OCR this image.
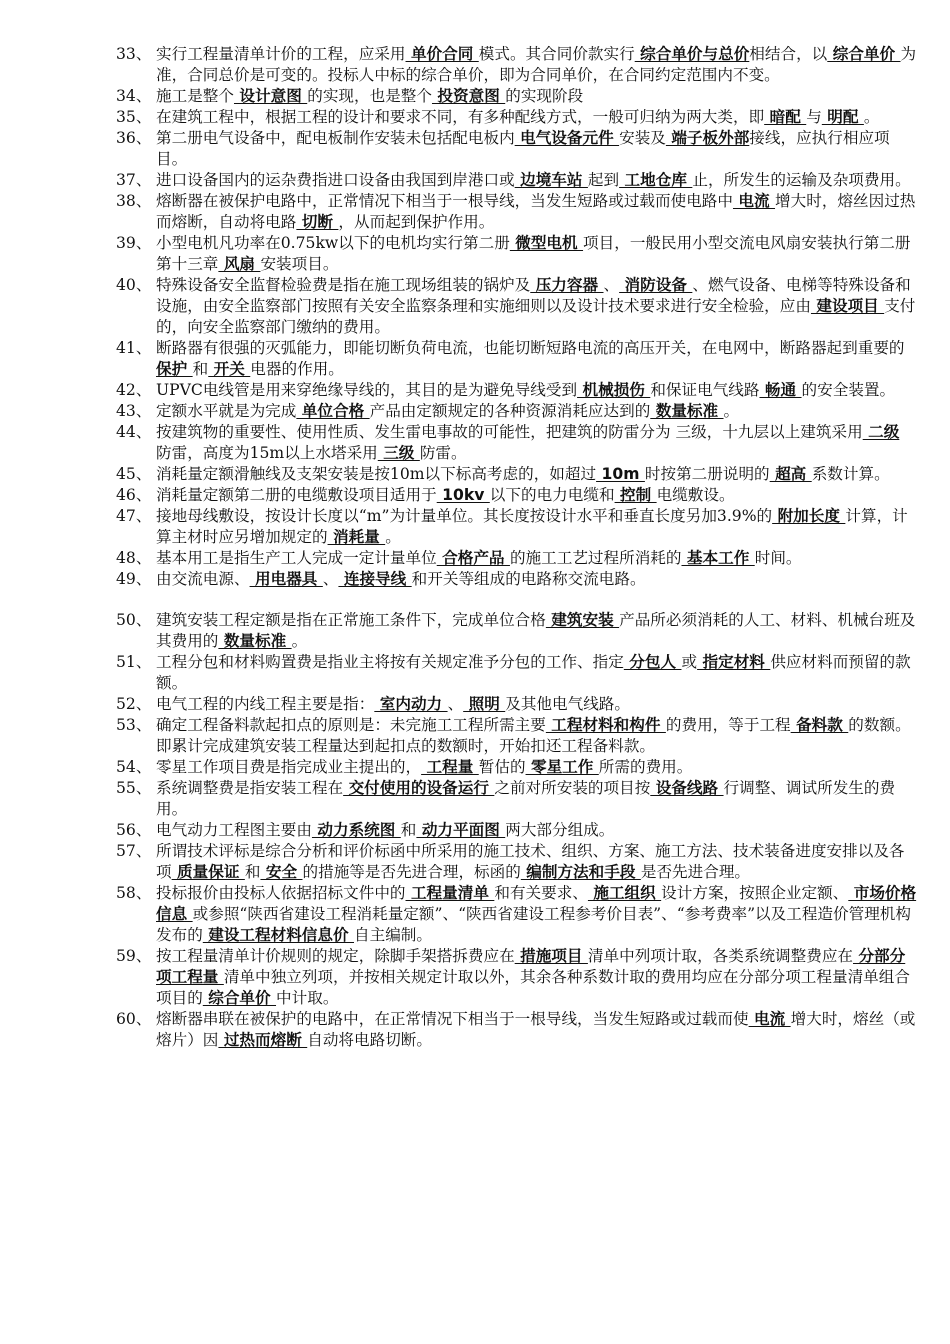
33、 实行工程量清单计价的工程，应采用 单价合同 模式。其合同价款实行 综合单价与总价相结合，以 综合单价 为准，合同总价是可变的。投标人中标的综合单价，即为合同单价，在合同约定范围内不变。
34、 施工是整个 设计意图 的实现，也是整个 投资意图 的实现阶段
35、 在建筑工程中，根据工程的设计和要求不同，有多种配线方式，一般可归纳为两大类，即 暗配 与 明配 。
36、 第二册电气设备中，配电板制作安装未包括配电板内 电气设备元件 安装及 端子板外部接线，应执行相应项目。
37、 进口设备国内的运杂费指进口设备由我国到岸港口或 边境车站 起到 工地仓库 止，所发生的运输及杂项费用。
38、 熔断器在被保护电路中，正常情况下相当于一根导线，当发生短路或过载而使电路中 电流 增大时，熔丝因过热而熔断，自动将电路 切断 ，从而起到保护作用。
39、 小型电机凡功率在0.75kw以下的电机均实行第二册 微型电机 项目，一般民用小型交流电风扇安装执行第二册第十三章 风扇 安装项目。
40、 特殊设备安全监督检验费是指在施工现场组装的锅炉及 压力容器 、 消防设备 、燃气设备、电梯等特殊设备和设施，由安全监察部门按照有关安全监察条理和实施细则以及设计技术要求进行安全检验，应由 建设项目 支付的，向安全监察部门缴纳的费用。
41、 断路器有很强的灭弧能力，即能切断负荷电流，也能切断短路电流的高压开关，在电网中，断路器起到重要的 保护 和 开关 电器的作用。
42、 UPVC电线管是用来穿绝缘导线的，其目的是为避免导线受到 机械损伤 和保证电气线路 畅通 的安全装置。
43、 定额水平就是为完成 单位合格 产品由定额规定的各种资源消耗应达到的 数量标准 。
44、 按建筑物的重要性、使用性质、发生雷电事故的可能性，把建筑的防雷分为 三级，十九层以上建筑采用 二级 防雷，高度为15m以上水塔采用 三级 防雷。
45、 消耗量定额滑触线及支架安装是按10m以下标高考虑的，如超过 10m 时按第二册说明的 超高 系数计算。
46、 消耗量定额第二册的电缆敷设项目适用于 10kv 以下的电力电缆和 控制 电缆敷设。
47、 接地母线敷设，按设计长度以“m”为计量单位。其长度按设计水平和垂直长度另加3.9%的 附加长度 计算，计算主材时应另增加规定的 消耗量 。
48、 基本用工是指生产工人完成一定计量单位 合格产品 的施工工艺过程所消耗的 基本工作 时间。
49、 由交流电源、 用电器具 、 连接导线 和开关等组成的电路称交流电路。
50、 建筑安装工程定额是指在正常施工条件下，完成单位合格 建筑安装 产品所必须消耗的人工、材料、机械台班及其费用的 数量标准 。
51、 工程分包和材料购置费是指业主将按有关规定准予分包的工作、指定 分包人 或 指定材料 供应材料而预留的款额。
52、 电气工程的内线工程主要是指： 室内动力 、 照明 及其他电气线路。
53、 确定工程备料款起扣点的原则是：未完施工工程所需主要 工程材料和构件 的费用，等于工程 备料款 的数额。即累计完成建筑安装工程量达到起扣点的数额时，开始扣还工程备料款。
54、 零星工作项目费是指完成业主提出的， 工程量 暂估的 零星工作 所需的费用。
55、 系统调整费是指安装工程在 交付使用的设备运行 之前对所安装的项目按 设备线路 行调整、调试所发生的费用。
56、 电气动力工程图主要由 动力系统图 和 动力平面图 两大部分组成。
57、 所谓技术评标是综合分析和评价标函中所采用的施工技术、组织、方案、施工方法、技术装备进度安排以及各项 质量保证 和 安全 的措施等是否先进合理，标函的 编制方法和手段 是否先进合理。
58、 投标报价由投标人依据招标文件中的 工程量清单 和有关要求、 施工组织 设计方案，按照企业定额、 市场价格信息 或参照“陕西省建设工程消耗量定额”、“陕西省建设工程参考价目表”、“参考费率”以及工程造价管理机构发布的 建设工程材料信息价 自主编制。
59、 按工程量清单计价规则的规定，除脚手架搭拆费应在 措施项目 清单中列项计取，各类系统调整费应在 分部分项工程量 清单中独立列项，并按相关规定计取以外，其余各种系数计取的费用均应在分部分项工程量清单组合项目的 综合单价 中计取。
60、 熔断器串联在被保护的电路中，在正常情况下相当于一根导线，当发生短路或过载而使 电流 增大时，熔丝（或熔片）因 过热而熔断 自动将电路切断。
